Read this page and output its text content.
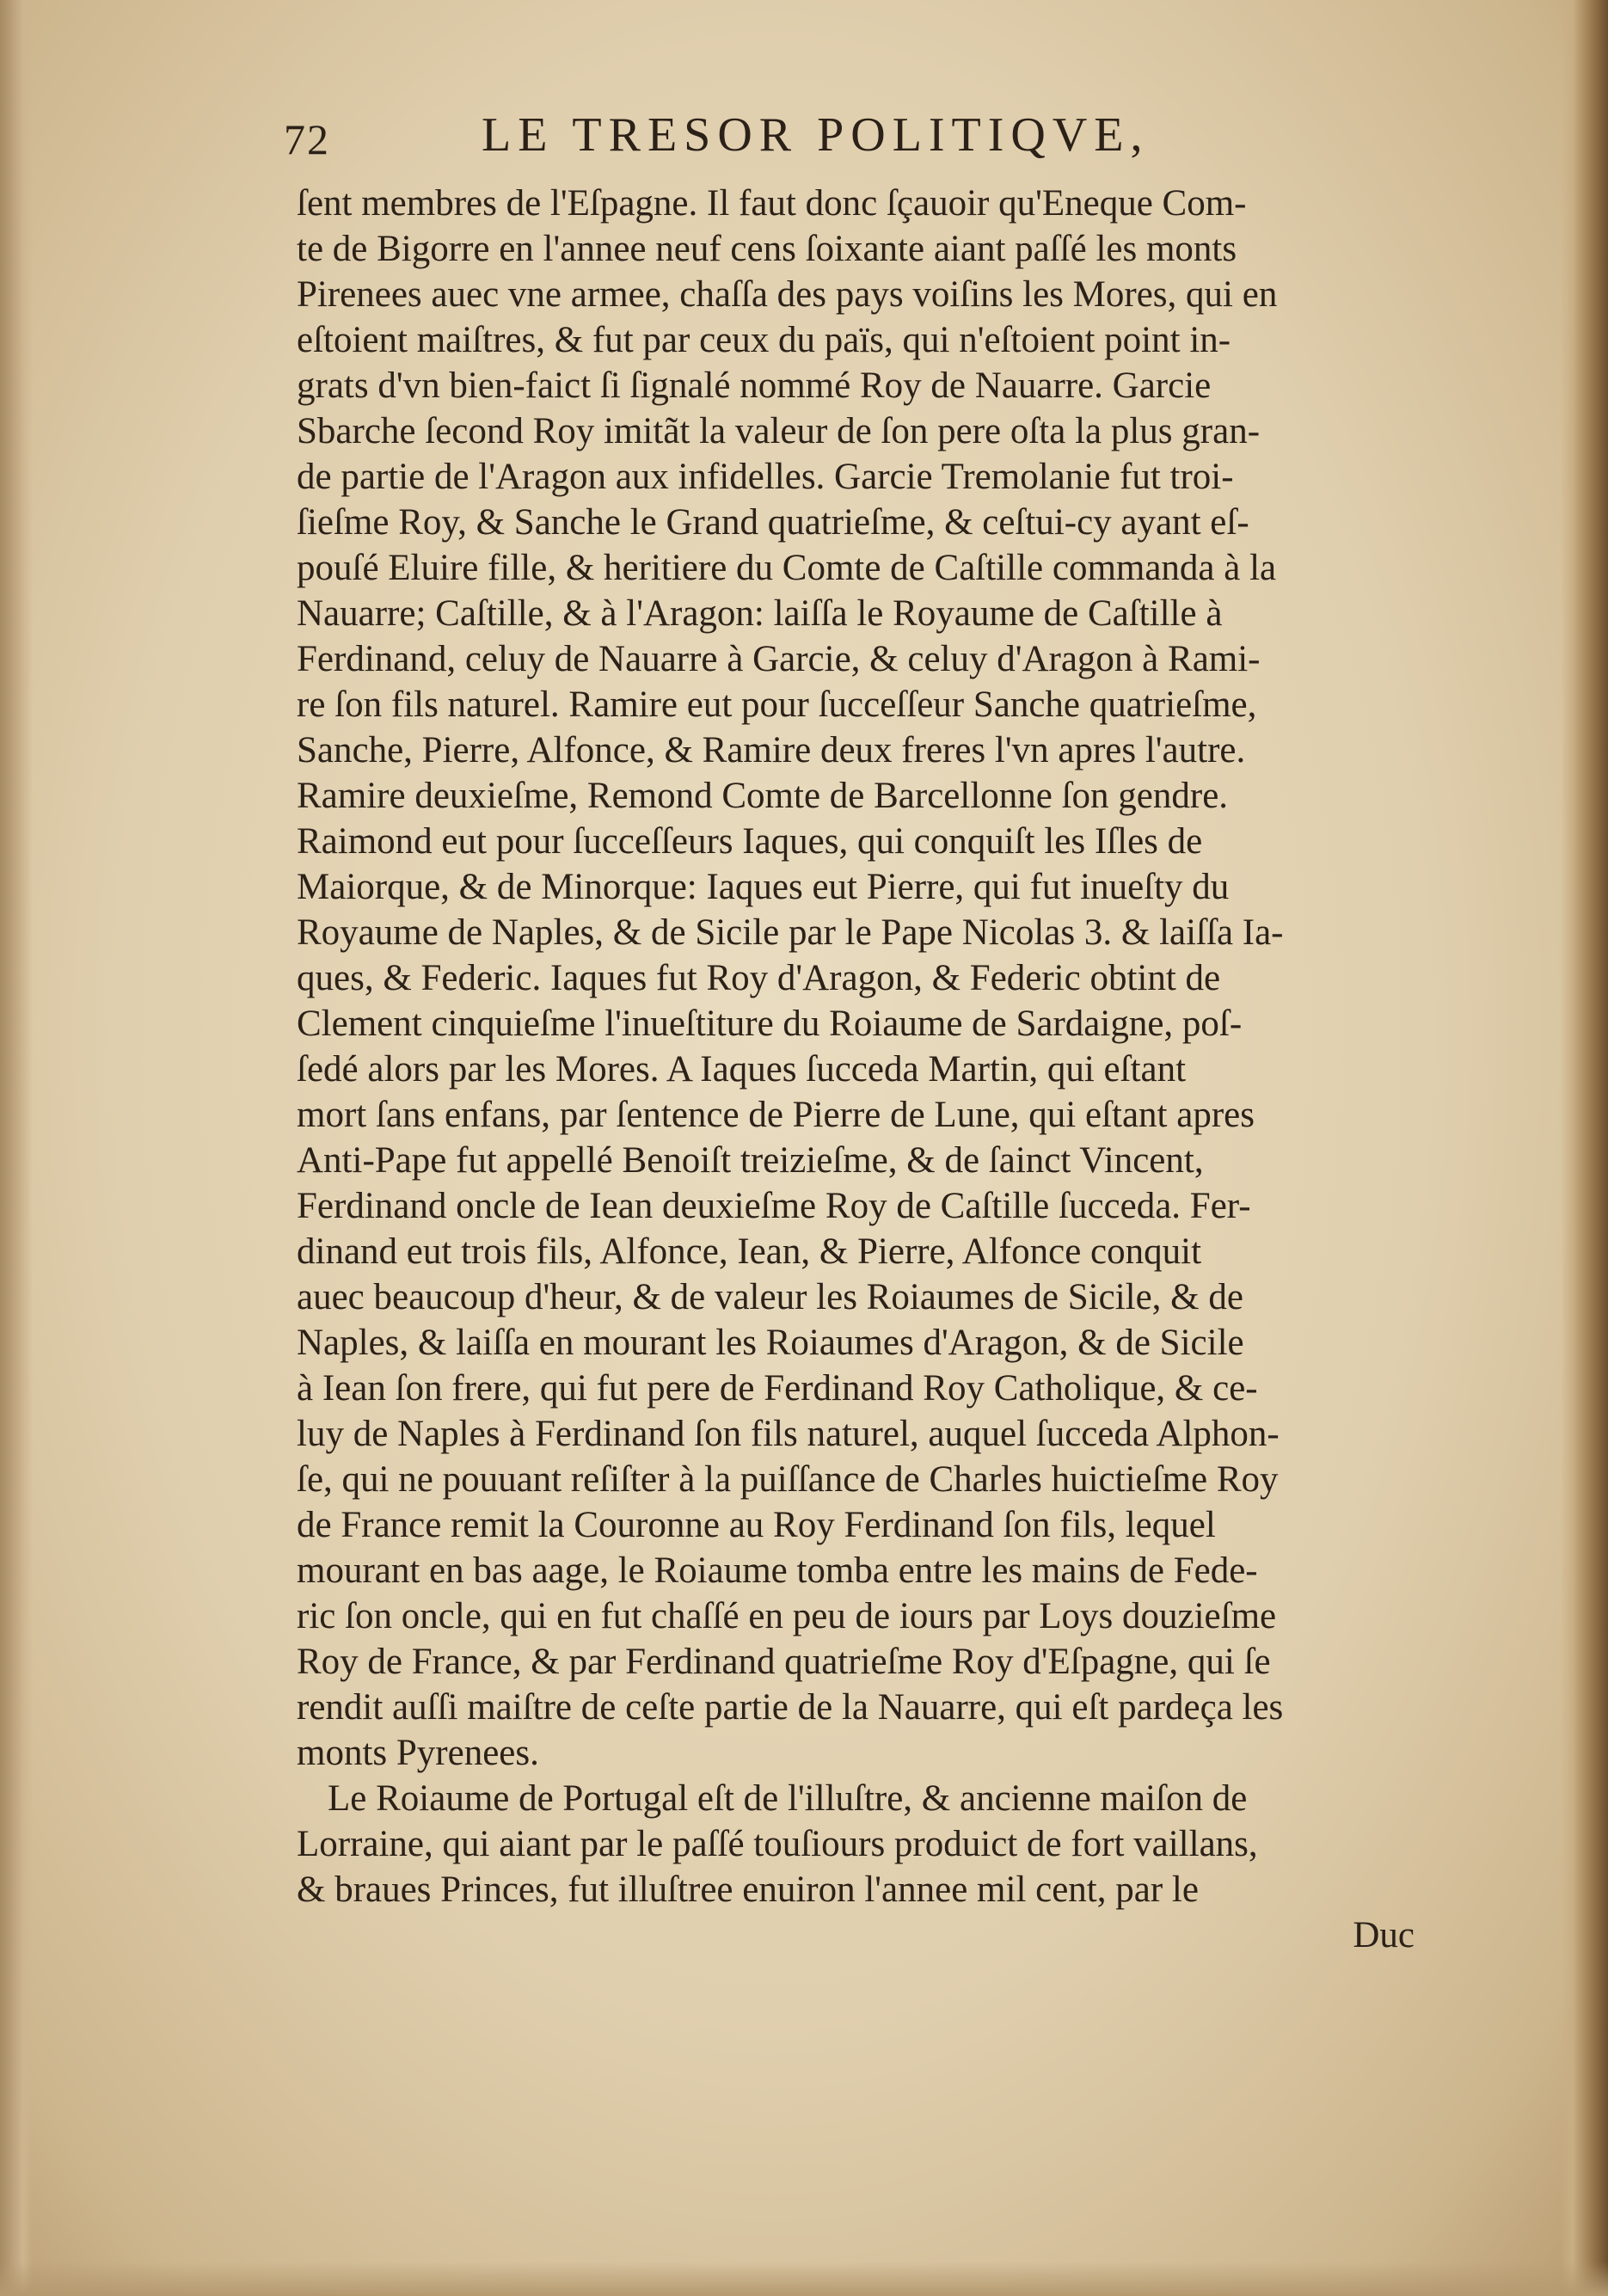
72	LE TRESOR POLITIQVE,
ſent membres de l'Eſpagne. Il faut donc ſçauoir qu'Eneque Com-
te de Bigorre en l'annee neuf cens ſoixante aiant paſſé les monts
Pirenees auec vne armee, chaſſa des pays voiſins les Mores, qui en
eſtoient maiſtres, & fut par ceux du païs, qui n'eſtoient point in-
grats d'vn bien-faict ſi ſignalé nommé Roy de Nauarre. Garcie
Sbarche ſecond Roy imitãt la valeur de ſon pere oſta la plus gran-
de partie de l'Aragon aux infidelles. Garcie Tremolanie fut troi-
ſieſme Roy, & Sanche le Grand quatrieſme, & ceſtui-cy ayant eſ-
pouſé Eluire fille, & heritiere du Comte de Caſtille commanda à la
Nauarre; Caſtille, & à l'Aragon: laiſſa le Royaume de Caſtille à
Ferdinand, celuy de Nauarre à Garcie, & celuy d'Aragon à Rami-
re ſon fils naturel. Ramire eut pour ſucceſſeur Sanche quatrieſme,
Sanche, Pierre, Alfonce, & Ramire deux freres l'vn apres l'autre.
Ramire deuxieſme, Remond Comte de Barcellonne ſon gendre.
Raimond eut pour ſucceſſeurs Iaques, qui conquiſt les Iſles de
Maiorque, & de Minorque: Iaques eut Pierre, qui fut inueſty du
Royaume de Naples, & de Sicile par le Pape Nicolas 3. & laiſſa Ia-
ques, & Federic. Iaques fut Roy d'Aragon, & Federic obtint de
Clement cinquieſme l'inueſtiture du Roiaume de Sardaigne, poſ-
ſedé alors par les Mores. A Iaques ſucceda Martin, qui eſtant
mort ſans enfans, par ſentence de Pierre de Lune, qui eſtant apres
Anti-Pape fut appellé Benoiſt treizieſme, & de ſainct Vincent,
Ferdinand oncle de Iean deuxieſme Roy de Caſtille ſucceda. Fer-
dinand eut trois fils, Alfonce, Iean, & Pierre, Alfonce conquit
auec beaucoup d'heur, & de valeur les Roiaumes de Sicile, & de
Naples, & laiſſa en mourant les Roiaumes d'Aragon, & de Sicile
à Iean ſon frere, qui fut pere de Ferdinand Roy Catholique, & ce-
luy de Naples à Ferdinand ſon fils naturel, auquel ſucceda Alphon-
ſe, qui ne pouuant reſiſter à la puiſſance de Charles huictieſme Roy
de France remit la Couronne au Roy Ferdinand ſon fils, lequel
mourant en bas aage, le Roiaume tomba entre les mains de Fede-
ric ſon oncle, qui en fut chaſſé en peu de iours par Loys douzieſme
Roy de France, & par Ferdinand quatrieſme Roy d'Eſpagne, qui ſe
rendit auſſi maiſtre de ceſte partie de la Nauarre, qui eſt pardeça les
monts Pyrenees.
Le Roiaume de Portugal eſt de l'illuſtre, & ancienne maiſon de
Lorraine, qui aiant par le paſſé touſiours produict de fort vaillans,
& braues Princes, fut illuſtree enuiron l'annee mil cent, par le
Duc
